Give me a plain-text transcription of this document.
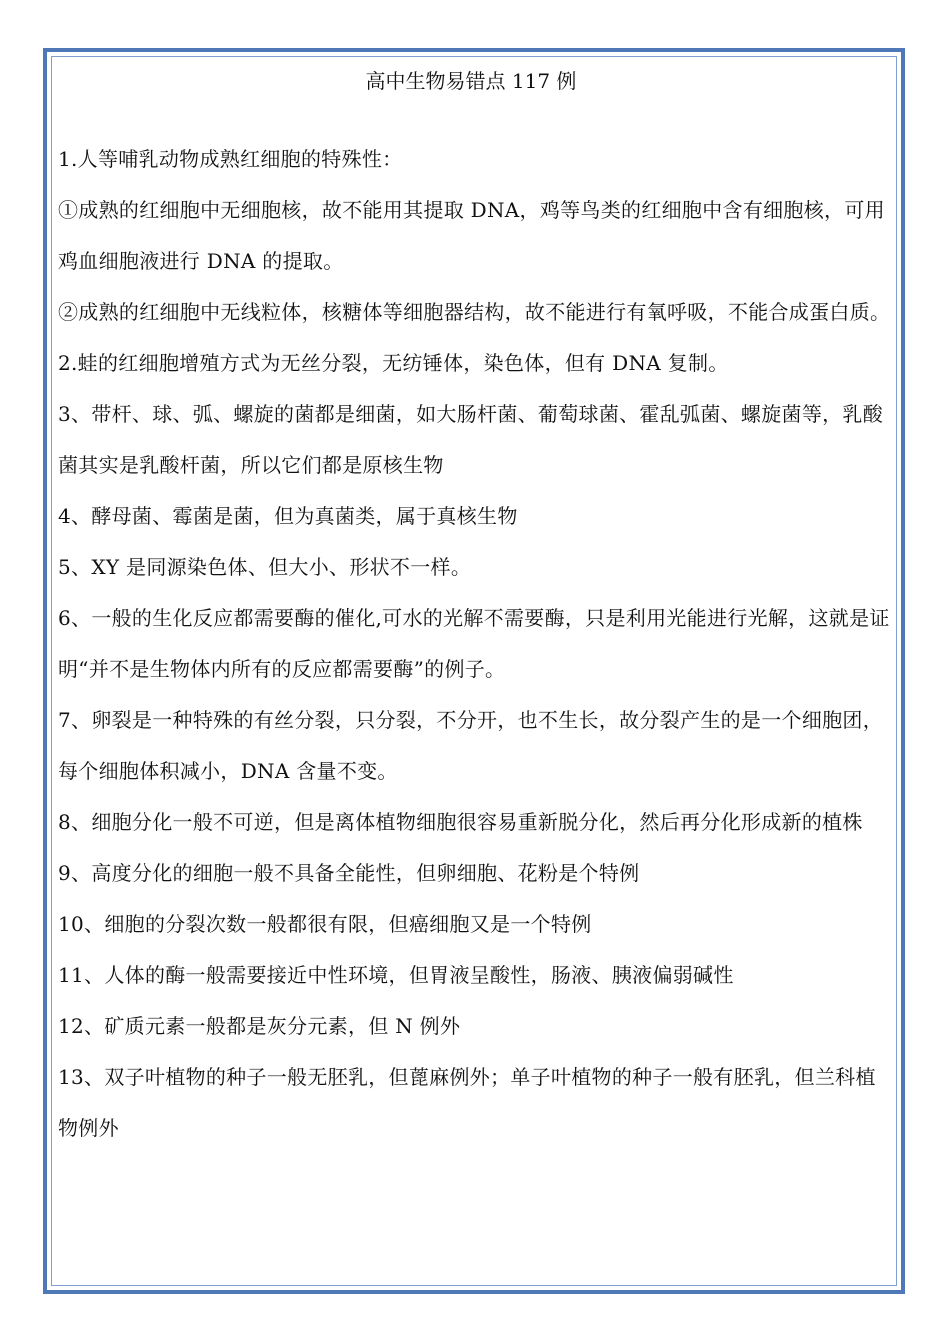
高中生物易错点 117 例

1.人等哺乳动物成熟红细胞的特殊性：

①成熟的红细胞中无细胞核，故不能用其提取 DNA，鸡等鸟类的红细胞中含有细胞核，可用鸡血细胞液进行 DNA 的提取。

②成熟的红细胞中无线粒体，核糖体等细胞器结构，故不能进行有氧呼吸，不能合成蛋白质。

2.蛙的红细胞增殖方式为无丝分裂，无纺锤体，染色体，但有 DNA 复制。

3、带杆、球、弧、螺旋的菌都是细菌，如大肠杆菌、葡萄球菌、霍乱弧菌、螺旋菌等，乳酸菌其实是乳酸杆菌，所以它们都是原核生物

4、酵母菌、霉菌是菌，但为真菌类，属于真核生物

5、XY 是同源染色体、但大小、形状不一样。

6、一般的生化反应都需要酶的催化,可水的光解不需要酶，只是利用光能进行光解，这就是证明“并不是生物体内所有的反应都需要酶”的例子。

7、卵裂是一种特殊的有丝分裂，只分裂，不分开，也不生长，故分裂产生的是一个细胞团，每个细胞体积减小，DNA 含量不变。

8、细胞分化一般不可逆，但是离体植物细胞很容易重新脱分化，然后再分化形成新的植株

9、高度分化的细胞一般不具备全能性，但卵细胞、花粉是个特例

10、细胞的分裂次数一般都很有限，但癌细胞又是一个特例

11、人体的酶一般需要接近中性环境，但胃液呈酸性，肠液、胰液偏弱碱性

12、矿质元素一般都是灰分元素，但 N 例外

13、双子叶植物的种子一般无胚乳，但蓖麻例外；单子叶植物的种子一般有胚乳，但兰科植物例外
